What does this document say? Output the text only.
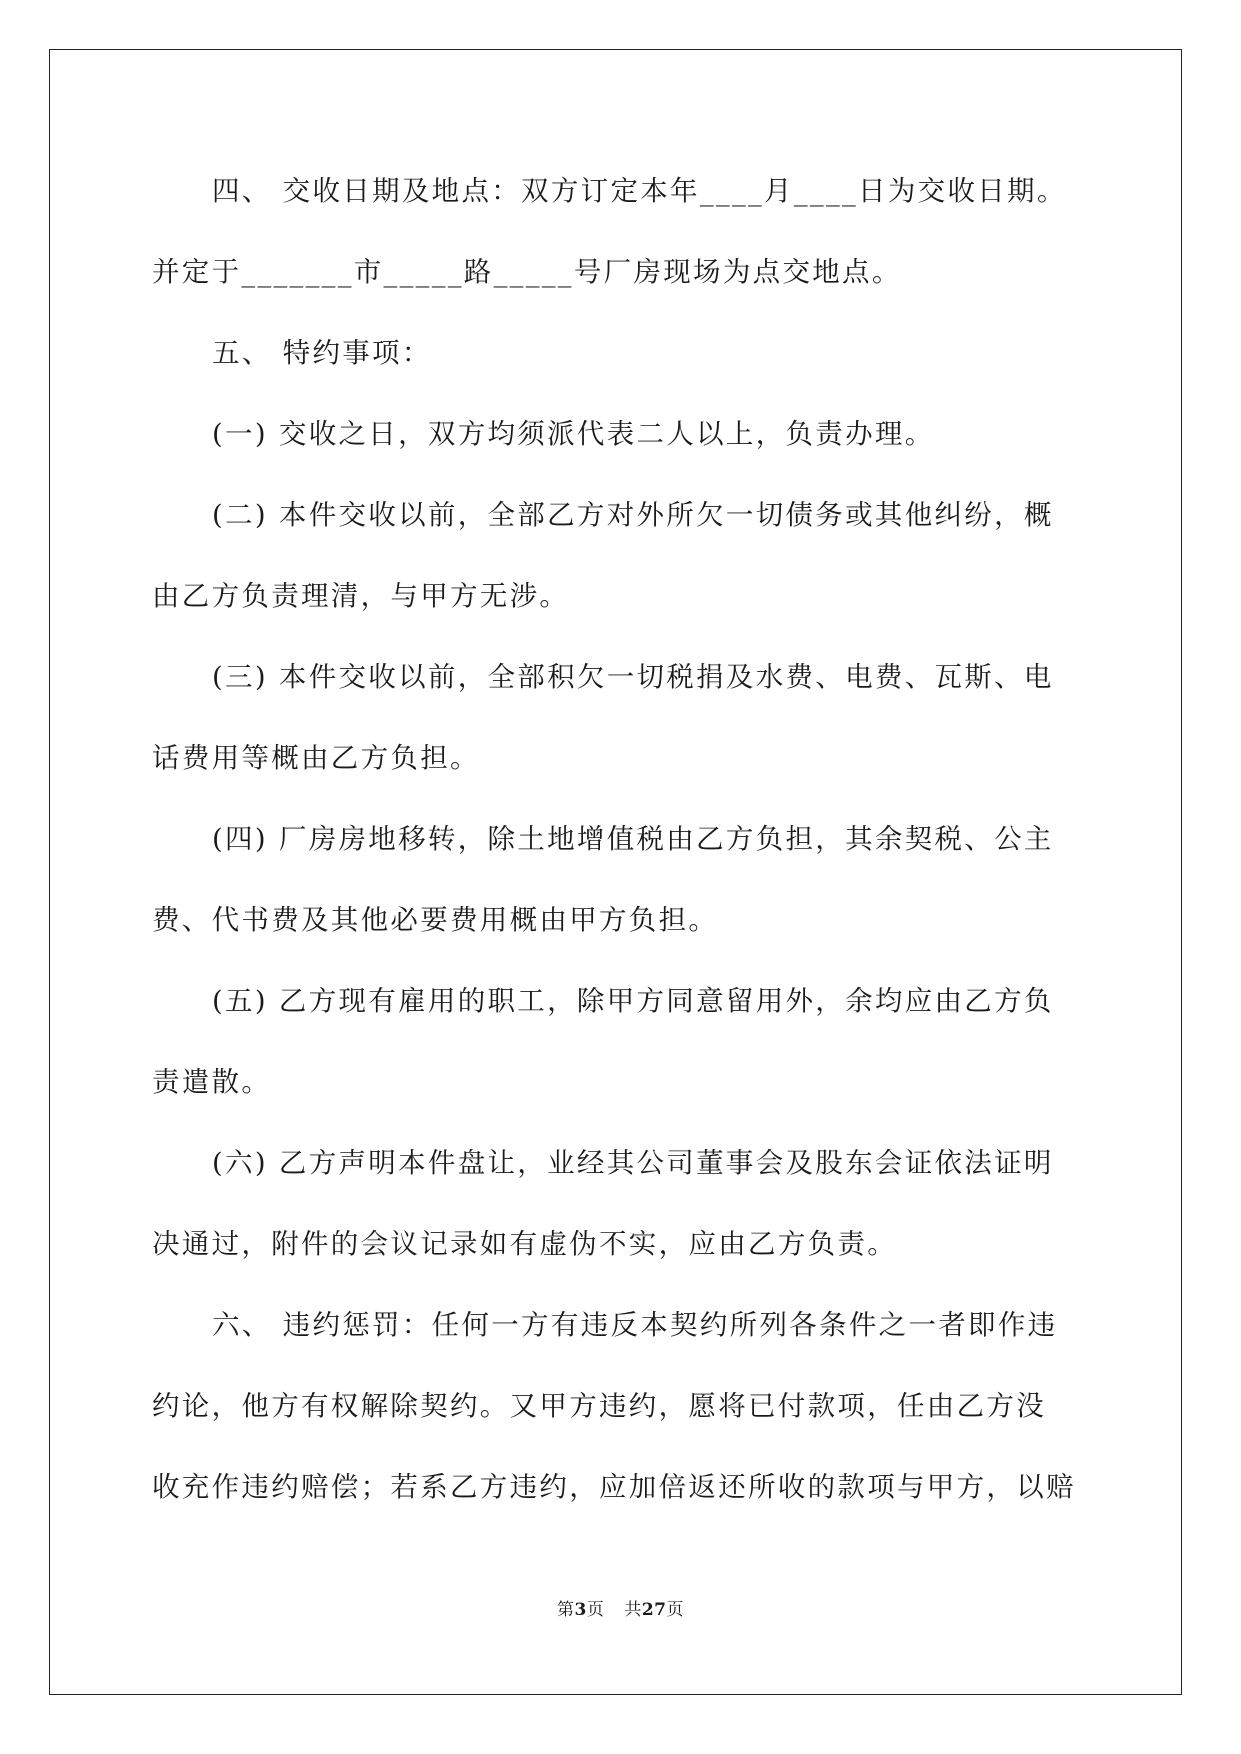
四、 交收日期及地点：双方订定本年____月____日为交收日期。
并定于_______市_____路_____号厂房现场为点交地点。
五、 特约事项：
(一) 交收之日，双方均须派代表二人以上，负责办理。
(二) 本件交收以前，全部乙方对外所欠一切债务或其他纠纷，概
由乙方负责理清，与甲方无涉。
(三) 本件交收以前，全部积欠一切税捐及水费、电费、瓦斯、电
话费用等概由乙方负担。
(四) 厂房房地移转，除土地增值税由乙方负担，其余契税、公主
费、代书费及其他必要费用概由甲方负担。
(五) 乙方现有雇用的职工，除甲方同意留用外，余均应由乙方负
责遣散。
(六) 乙方声明本件盘让，业经其公司董事会及股东会证依法证明
决通过，附件的会议记录如有虚伪不实，应由乙方负责。
六、 违约惩罚：任何一方有违反本契约所列各条件之一者即作违
约论，他方有权解除契约。又甲方违约，愿将已付款项，任由乙方没
收充作违约赔偿；若系乙方违约，应加倍返还所收的款项与甲方，以赔
第3页 共27页
